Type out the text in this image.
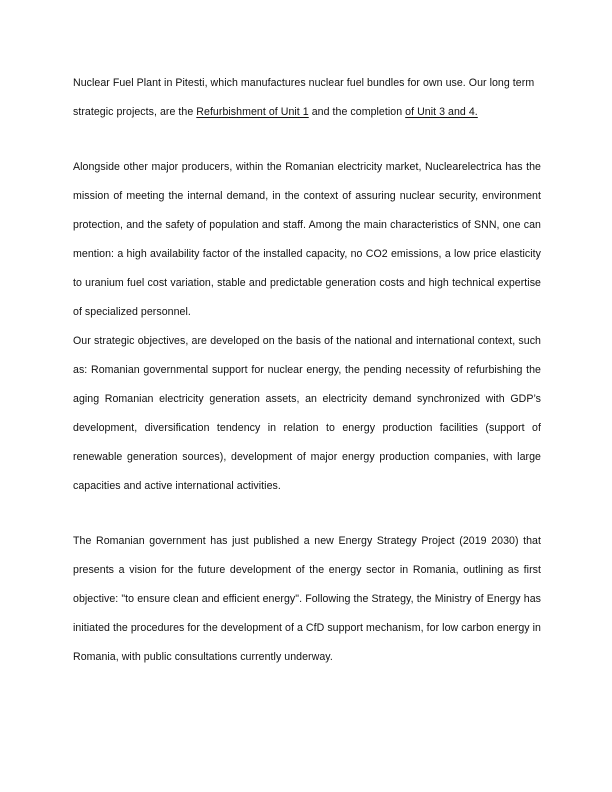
Nuclear Fuel Plant in Pitesti, which manufactures nuclear fuel bundles for own use. Our long term strategic projects, are the Refurbishment of Unit 1 and the completion of Unit 3 and 4.

Alongside other major producers, within the Romanian electricity market, Nuclearelectrica has the mission of meeting the internal demand, in the context of assuring nuclear security, environment protection, and the safety of population and staff. Among the main characteristics of SNN, one can mention: a high availability factor of the installed capacity, no CO2 emissions, a low price elasticity to uranium fuel cost variation, stable and predictable generation costs and high technical expertise of specialized personnel.

Our strategic objectives, are developed on the basis of the national and international context, such as: Romanian governmental support for nuclear energy, the pending necessity of refurbishing the aging Romanian electricity generation assets, an electricity demand synchronized with GDP’s development, diversification tendency in relation to energy production facilities (support of renewable generation sources), development of major energy production companies, with large capacities and active international activities.

The Romanian government has just published a new Energy Strategy Project (2019 2030) that presents a vision for the future development of the energy sector in Romania, outlining as first objective: "to ensure clean and efficient energy". Following the Strategy, the Ministry of Energy has initiated the procedures for the development of a CfD support mechanism, for low carbon energy in Romania, with public consultations currently underway.
